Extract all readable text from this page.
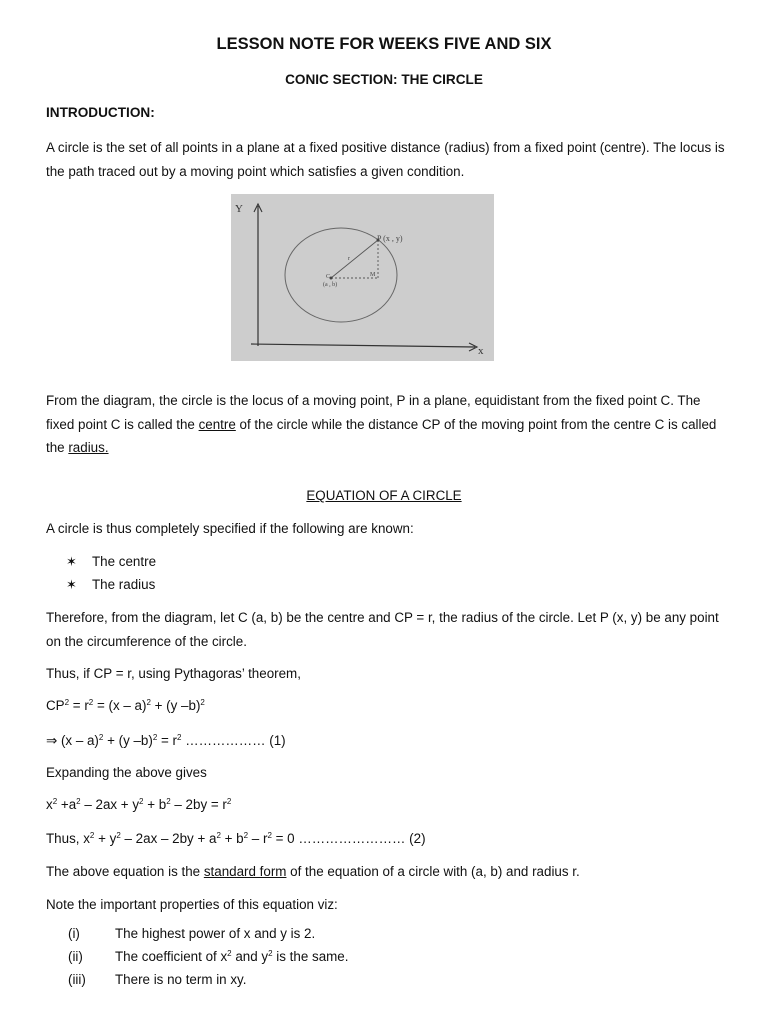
LESSON NOTE FOR WEEKS FIVE AND SIX
CONIC SECTION: THE CIRCLE
INTRODUCTION:
A circle is the set of all points in a plane at a fixed positive distance (radius) from a fixed point (centre). The locus is the path traced out by a moving point which satisfies a given condition.
Y
x
P (x , y)
C
(a , b)
r
M
From the diagram, the circle is the locus of a moving point, P in a plane, equidistant from the fixed point C. The fixed point C is called the centre of the circle while the distance CP of the moving point from the centre C is called the radius.
EQUATION OF A CIRCLE
A circle is thus completely specified if the following are known:
✶ The centre
✶ The radius
Therefore, from the diagram, let C (a, b) be the centre and CP = r, the radius of the circle. Let P (x, y) be any point on the circumference of the circle.
Thus, if CP = r, using Pythagoras’ theorem,
$CP^2 = r^2 = (x - a)^2 + (y$ –b)$^2$
⇒ (x – a)$^2$ + (y $-b)^2 = r^2$ ……………… (1)
Expanding the above gives
$x^2 +a^2 - 2ax + y^2 + b^2 - 2by = r^2$
Thus, $x^2 + y^2 - 2ax - 2by + a^2 + b^2 - r^2 = 0$ …………………… (2)
The above equation is the standard form of the equation of a circle with (a, b) and radius r.
Note the important properties of this equation viz:
(i)	The highest power of x and y is 2.
(ii) The coefficient of $x^2$ and $y^2$ is the same.
(iii) There is no term in xy.
